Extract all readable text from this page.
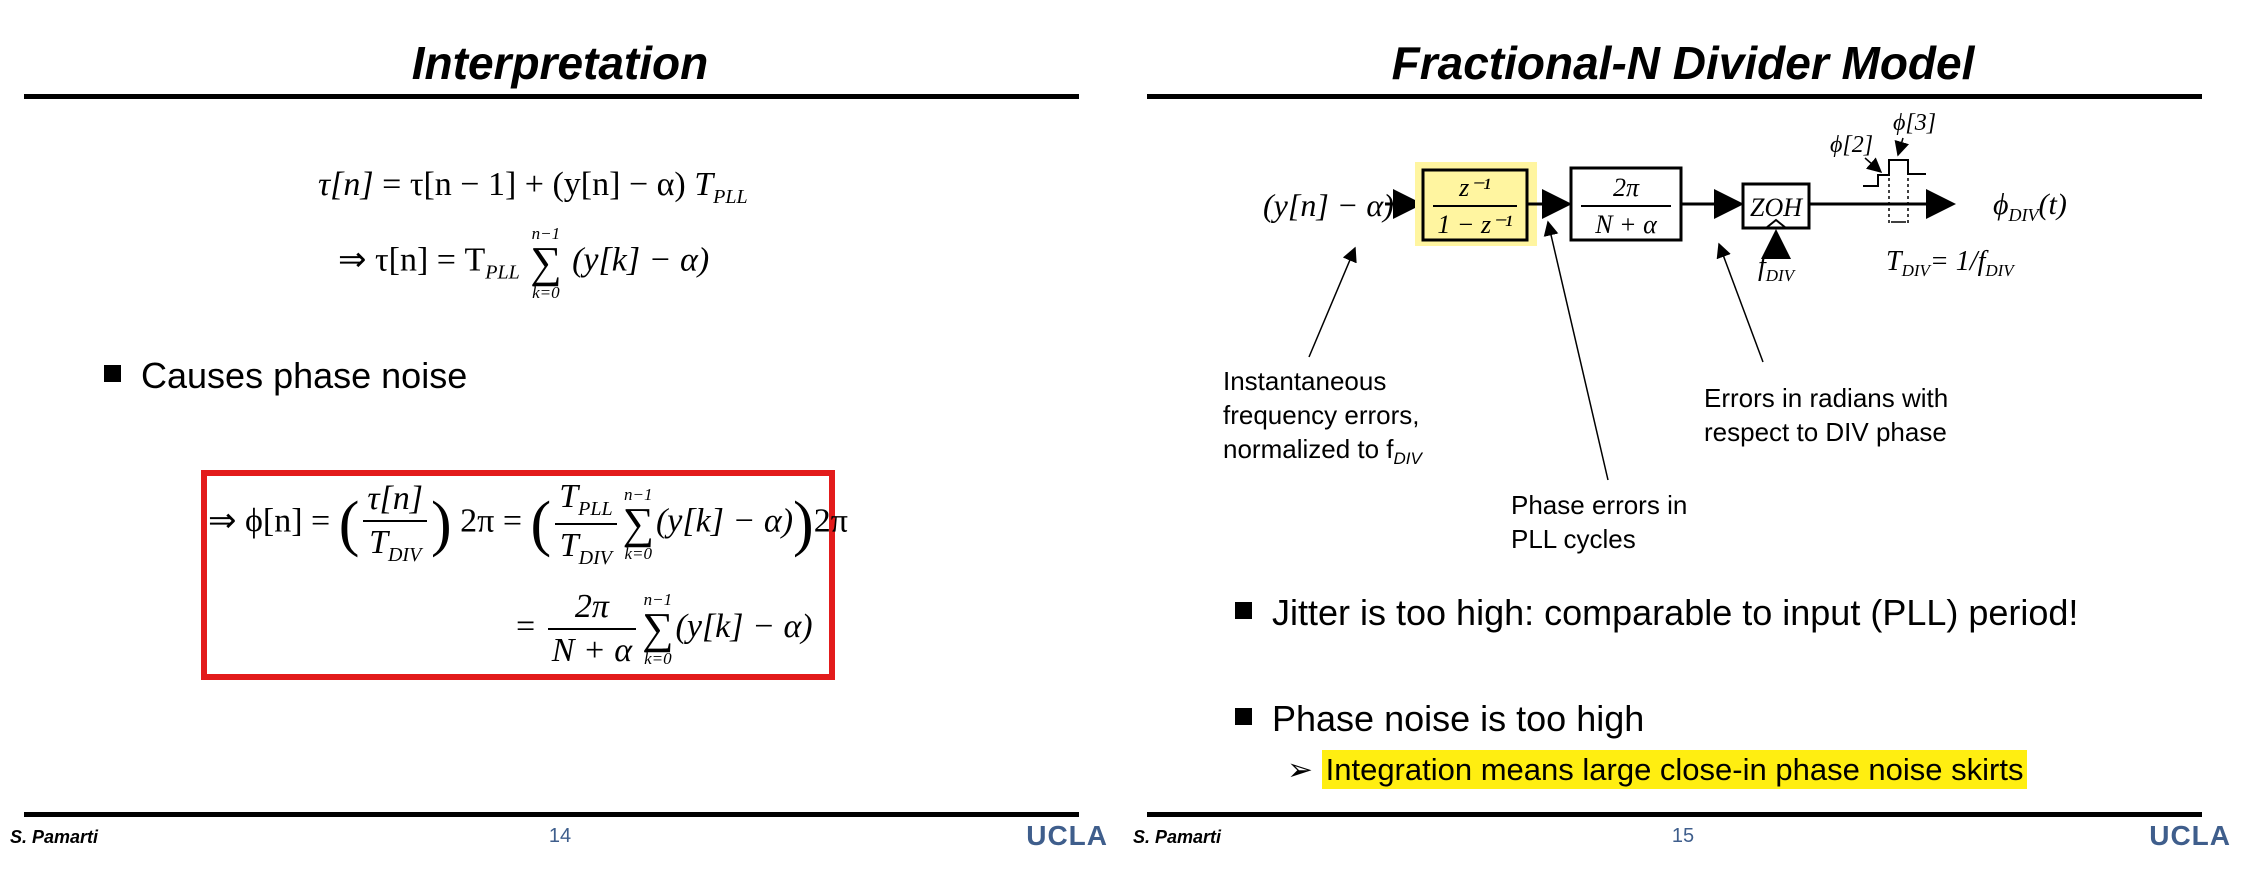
Interpretation
τ[n] = τ[n − 1] + (y[n] − α) $T_{PLL}$
⇒ $\tau[n] = T_{PLL}$
n−1
∑
k=0
(y[k] − α)
Causes phase noise
⇒ ϕ[n] = ( $\frac{\tau[n]}{T_{DIV}}$ ) 2π = ( $\frac{T_{PLL}}{T_{DIV}} n-1$
∑
k=0
(y[k] − α))2π
= $\frac{2\pi}{N + \alpha} n-1$
∑
k=0
(y[k] − α)
S. Pamarti	14	UCLA
Fractional-N Divider Model
(y[n] − α)	z⁻¹
1 − z⁻¹
2π
N + α
ZOH
$f_{DIV}$
ϕ[2]
ϕ[3]
$\phi_{DIV}(t)$
$T_{DIV}= 1/f_{DIV}$
Instantaneous
frequency errors,
normalized to $f_{DIV}$
Phase errors in
PLL cycles
Errors in radians with
respect to DIV phase
Jitter is too high: comparable to input (PLL) period!
Phase noise is too high
➢ Integration means large close-in phase noise skirts
S. Pamarti	15	UCLA
